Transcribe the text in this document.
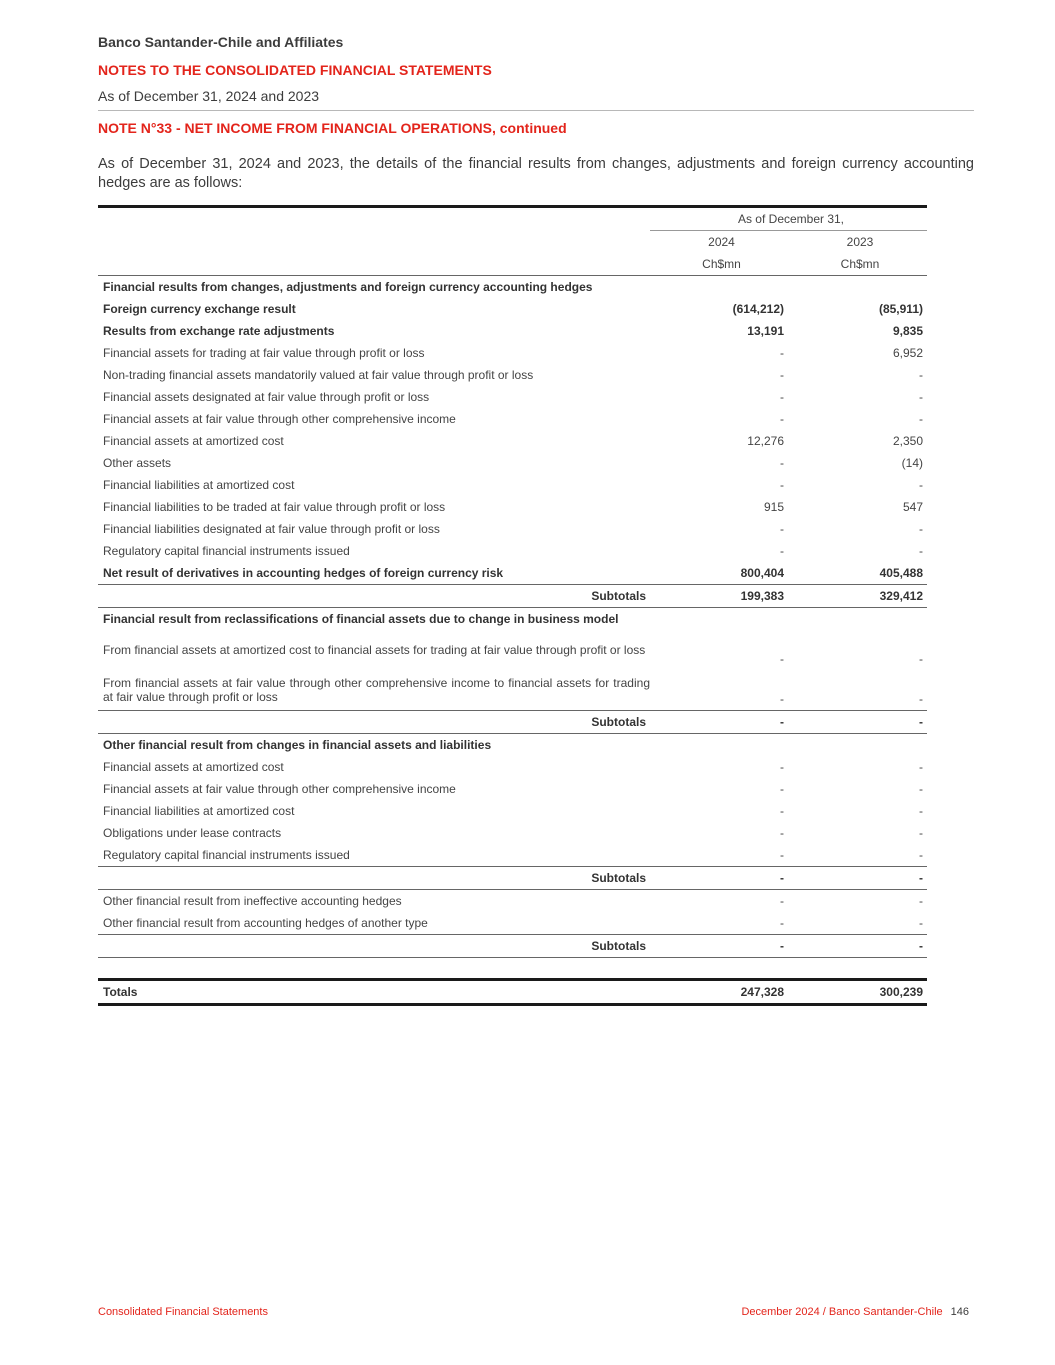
Banco Santander-Chile and Affiliates
NOTES TO THE CONSOLIDATED FINANCIAL STATEMENTS
As of December 31, 2024 and 2023
NOTE N°33 - NET INCOME FROM FINANCIAL OPERATIONS, continued
As of December 31, 2024 and 2023, the details of the financial results from changes, adjustments and foreign currency accounting hedges are as follows:
	As of December 31,	
	2024	2023
	Ch$mn	Ch$mn
Financial results from changes, adjustments and foreign currency accounting hedges		
Foreign currency exchange result	(614,212)	(85,911)
Results from exchange rate adjustments	13,191	9,835
Financial assets for trading at fair value through profit or loss	-	6,952
Non-trading financial assets mandatorily valued at fair value through profit or loss	-	-
Financial assets designated at fair value through profit or loss	-	-
Financial assets at fair value through other comprehensive income	-	-
Financial assets at amortized cost	12,276	2,350
Other assets	-	(14)
Financial liabilities at amortized cost	-	-
Financial liabilities to be traded at fair value through profit or loss	915	547
Financial liabilities designated at fair value through profit or loss	-	-
Regulatory capital financial instruments issued	-	-
Net result of derivatives in accounting hedges of foreign currency risk	800,404	405,488
Subtotals	199,383	329,412
Financial result from reclassifications of financial assets due to change in business model		
From financial assets at amortized cost to financial assets for trading at fair value through profit or loss	-	-
From financial assets at fair value through other comprehensive income to financial assets for trading at fair value through profit or loss	-	-
Subtotals	-	-
Other financial result from changes in financial assets and liabilities		
Financial assets at amortized cost	-	-
Financial assets at fair value through other comprehensive income	-	-
Financial liabilities at amortized cost	-	-
Obligations under lease contracts	-	-
Regulatory capital financial instruments issued	-	-
Subtotals	-	-
Other financial result from ineffective accounting hedges	-	-
Other financial result from accounting hedges of another type	-	-
Subtotals	-	-

Totals	247,328	300,239
Consolidated Financial Statements	December 2024 / Banco Santander-Chile 146
